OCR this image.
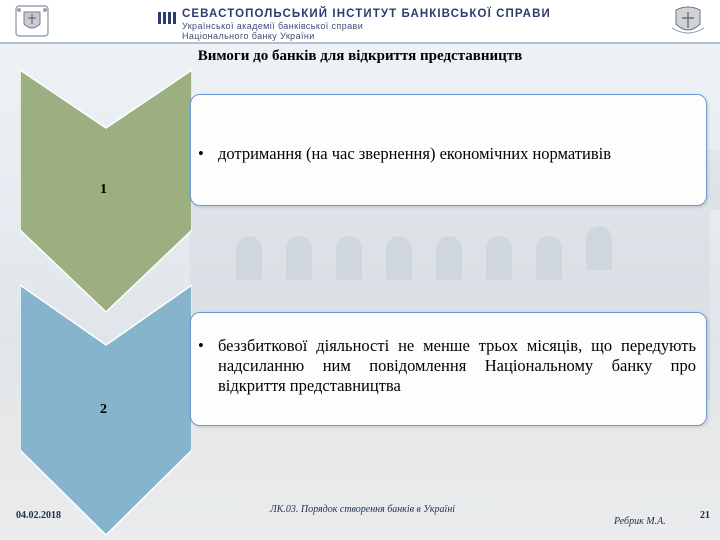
СЕВАСТОПОЛЬСЬКИЙ ІНСТИТУТ БАНКІВСЬКОЇ СПРАВИ
Української академії банківської справи
Національного банку України
Вимоги до банків для відкриття представництв
1
2
• дотримання (на час звернення) економічних нормативів
• беззбиткової діяльності не менше трьох місяців, що передують надсиланню ним повідомлення Національному банку про відкриття представництва
04.02.2018
ЛК.03. Порядок створення банків в Україні
Ребрик М.А.
21
